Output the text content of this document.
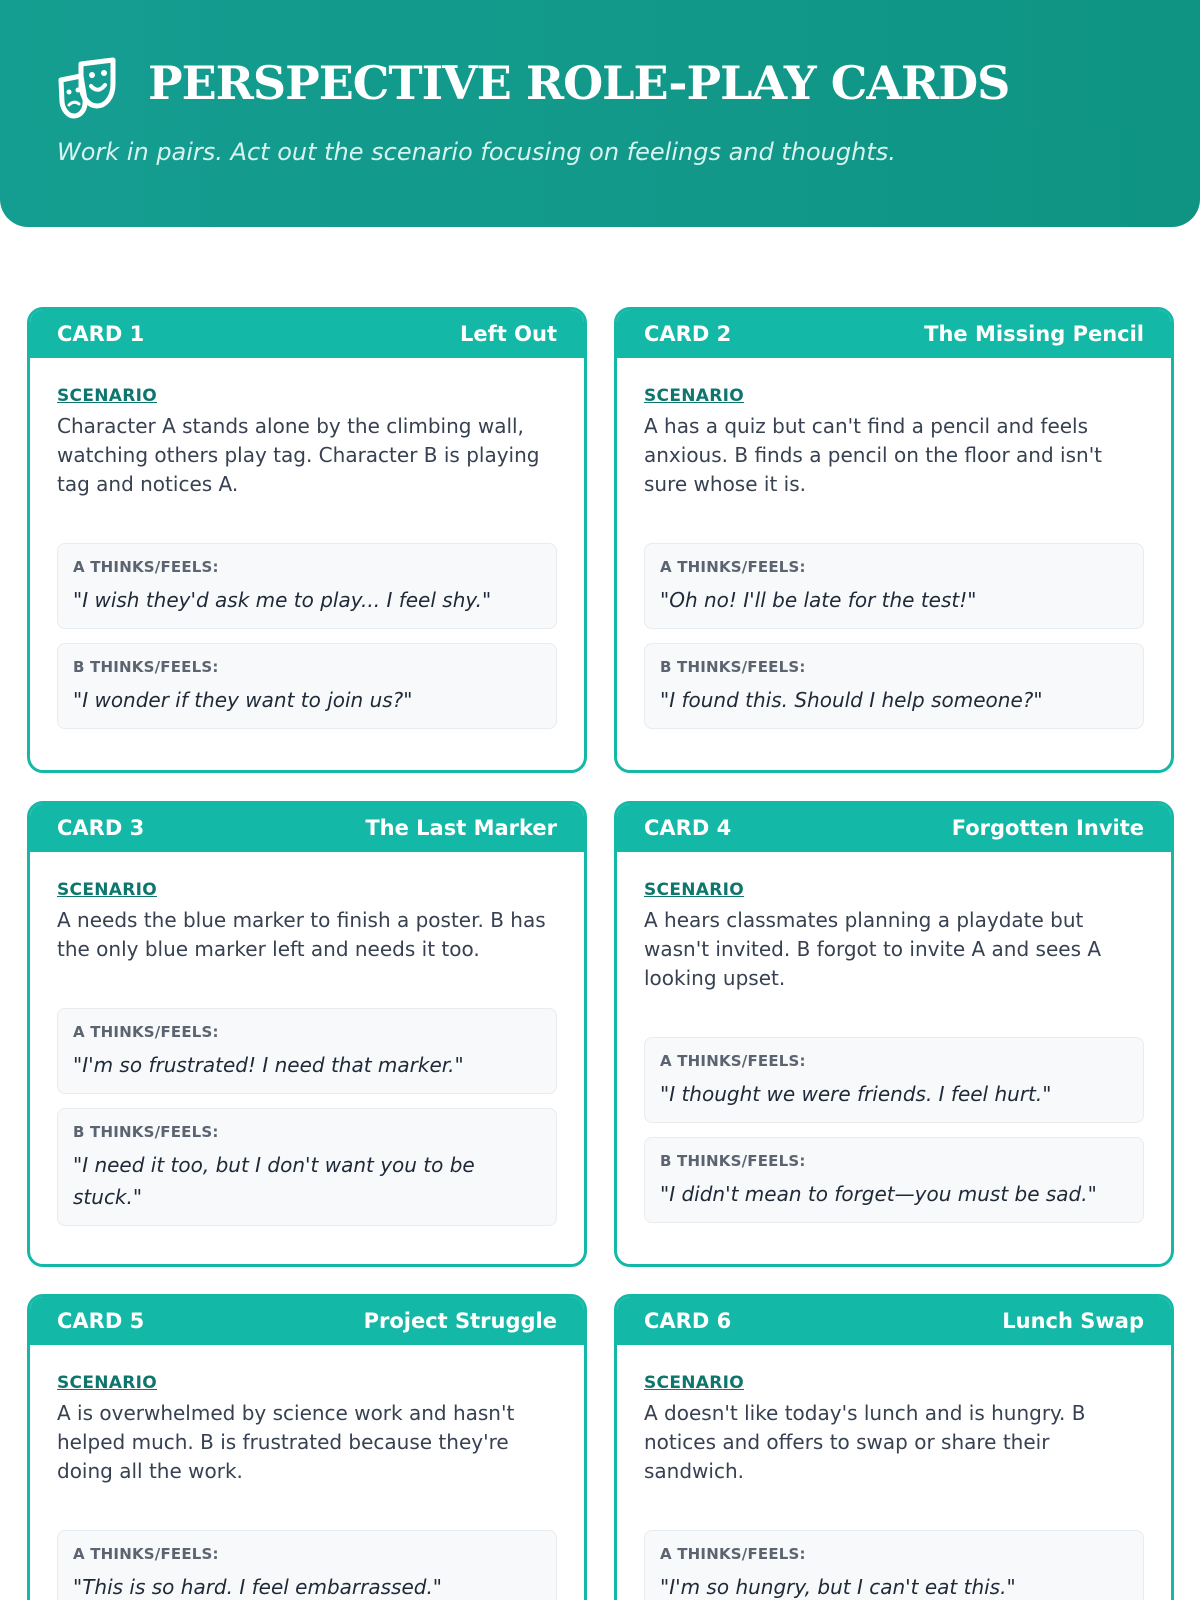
PERSPECTIVE ROLE-PLAY CARDS
Work in pairs. Act out the scenario focusing on feelings and thoughts.
CARD 1	Left Out
SCENARIO
Character A stands alone by the climbing wall, watching others play tag. Character B is playing tag and notices A.
A THINKS/FEELS:
"I wish they'd ask me to play... I feel shy."
B THINKS/FEELS:
"I wonder if they want to join us?"
CARD 2	The Missing Pencil
SCENARIO
A has a quiz but can't find a pencil and feels anxious. B finds a pencil on the floor and isn't sure whose it is.
A THINKS/FEELS:
"Oh no! I'll be late for the test!"
B THINKS/FEELS:
"I found this. Should I help someone?"
CARD 3	The Last Marker
SCENARIO
A needs the blue marker to finish a poster. B has the only blue marker left and needs it too.
A THINKS/FEELS:
"I'm so frustrated! I need that marker."
B THINKS/FEELS:
"I need it too, but I don't want you to be stuck."
CARD 4	Forgotten Invite
SCENARIO
A hears classmates planning a playdate but wasn't invited. B forgot to invite A and sees A looking upset.
A THINKS/FEELS:
"I thought we were friends. I feel hurt."
B THINKS/FEELS:
"I didn't mean to forget—you must be sad."
CARD 5	Project Struggle
SCENARIO
A is overwhelmed by science work and hasn't helped much. B is frustrated because they're doing all the work.
A THINKS/FEELS:
"This is so hard. I feel embarrassed."
CARD 6	Lunch Swap
SCENARIO
A doesn't like today's lunch and is hungry. B notices and offers to swap or share their sandwich.
A THINKS/FEELS:
"I'm so hungry, but I can't eat this."
